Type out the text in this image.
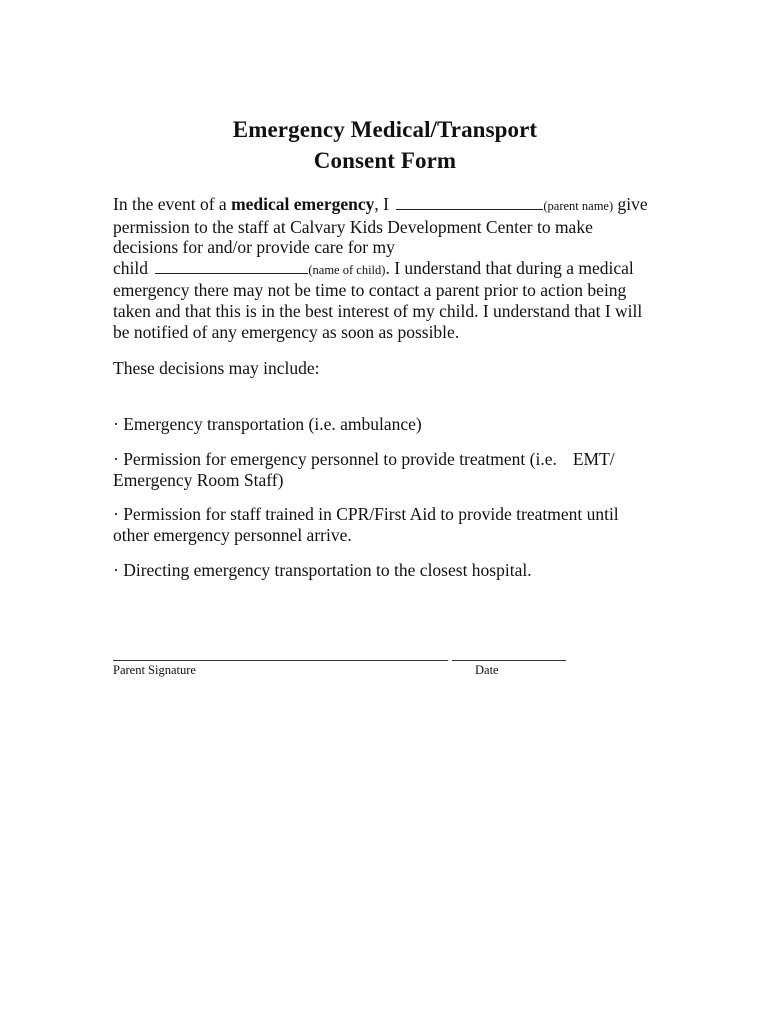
Emergency Medical/Transport
Consent Form
In the event of a medical emergency, I	(parent name) give
permission to the staff at Calvary Kids Development Center to make
decisions for and/or provide care for my
child	(name of child). I understand that during a medical
emergency there may not be time to contact a parent prior to action being
taken and that this is in the best interest of my child. I understand that I will
be notified of any emergency as soon as possible.
These decisions may include:
· Emergency transportation (i.e. ambulance)
· Permission for emergency personnel to provide treatment (i.e. EMT/
Emergency Room Staff)
· Permission for staff trained in CPR/First Aid to provide treatment until
other emergency personnel arrive.
· Directing emergency transportation to the closest hospital.
Parent Signature	Date
